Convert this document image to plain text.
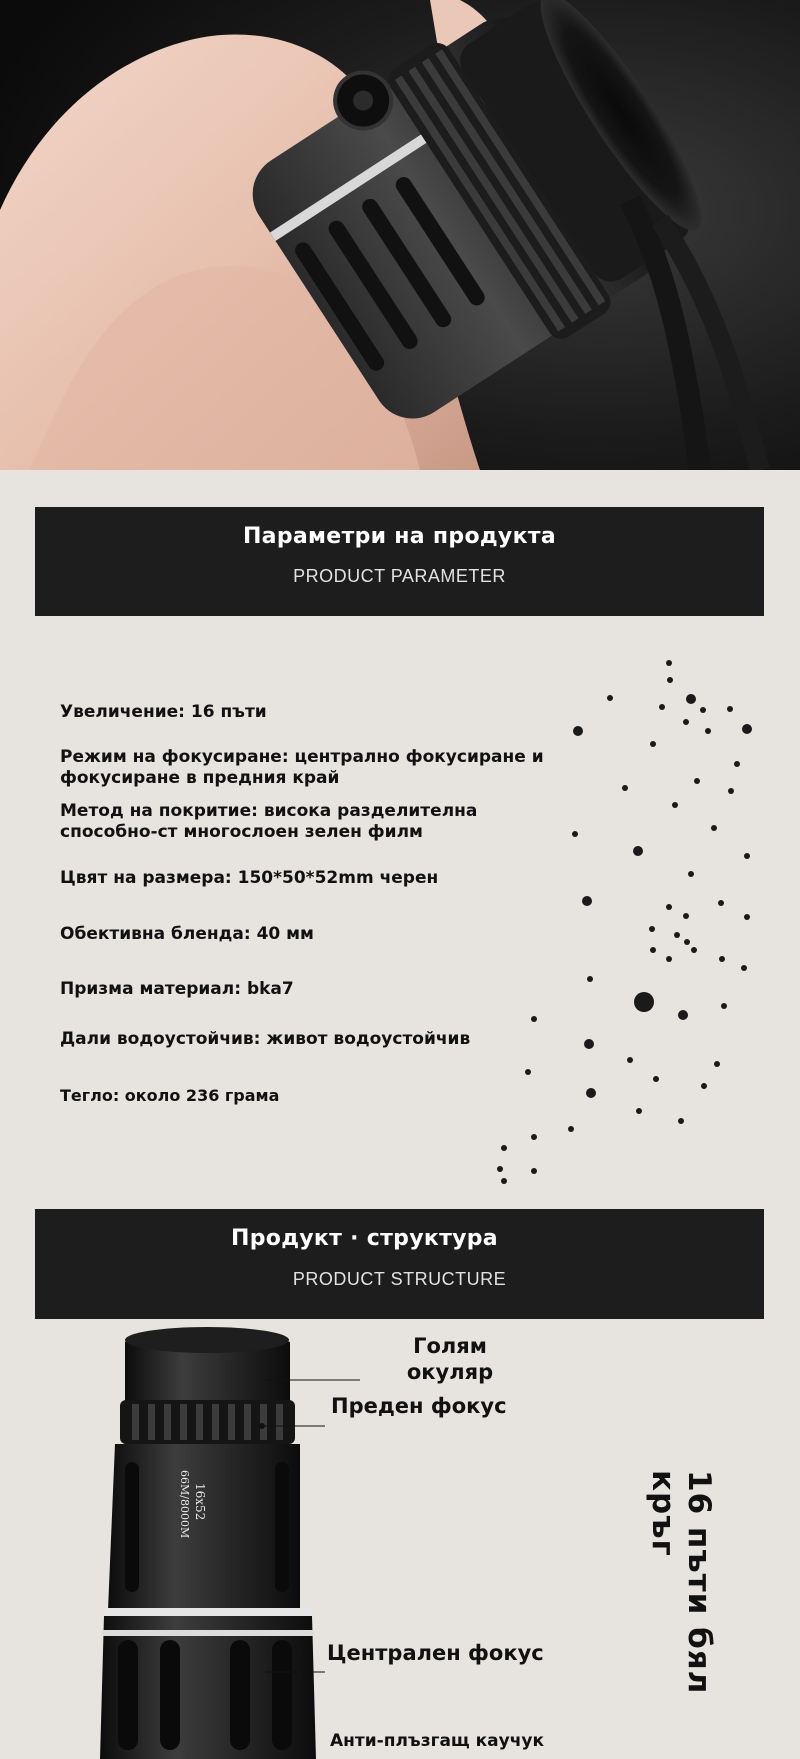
Параметри на продукта
PRODUCT PARAMETER
Увеличение: 16 пъти
Режим на фокусиране: централно фокусиране и фокусиране в предния край
Метод на покритие: висока разделителна способно-ст многослоен зелен филм
Цвят на размера: 150*50*52mm черен
Обективна бленда: 40 мм
Призма материал: bka7
Дали водоустойчив: живот водоустойчив
Тегло: около 236 грама
Продукт · структура
PRODUCT STRUCTURE
16x52
66M/8000M
Голям окуляр
Преден фокус
Централен фокус
Анти-плъзгащ каучук
16 пъти бял кръг
